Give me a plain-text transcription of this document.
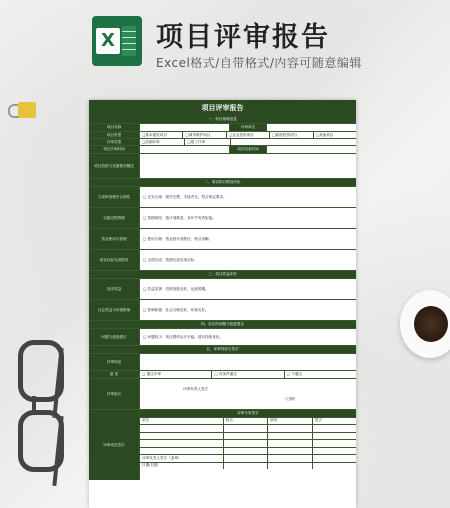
X 项目评审报告
Excel格式/自带格式/内容可随意编辑
项目评审报告
一、项目基础信息
项目名称	评审单位
项目类型	□基本建设项目	□城市维护项目	□企业投资项目	□政府投资项目	□其他项目
评审类型	□前期评审	□竣工评审
项目开始时间	项目结束时间
项目投资与实施情况概述
二、项目执行情况评价
立项审批程序合规性	□ 完全合规：程序完整，手续齐全，符合规定要求。
实施过程管理	□ 管理规范：按计划推进，各环节有效衔接。
资金使用与管理	□ 使用合理：资金按计划拨付，账目清晰。
项目目标完成情况	□ 全面完成：按期完成各项目标。
三、项目效益评价
经济效益	□ 效益显著：投资回报良好，达到预期。
社会效益与环境影响	□ 影响积极：社会反响良好，环境友好。
四、存在的问题与改进建议
问题与改进建议	□ 问题较少：项目整体运行平稳，建议持续优化。
五、评审结论与签字
评审结论
意 见	□ 通过评审	□ 有条件通过	□ 不通过
评审组长
评审负责人签字
（日期）
评审成员签字
评审专家签字
单位	姓名	职务	签字
评审负责人签字（盖章）
日期/日期
